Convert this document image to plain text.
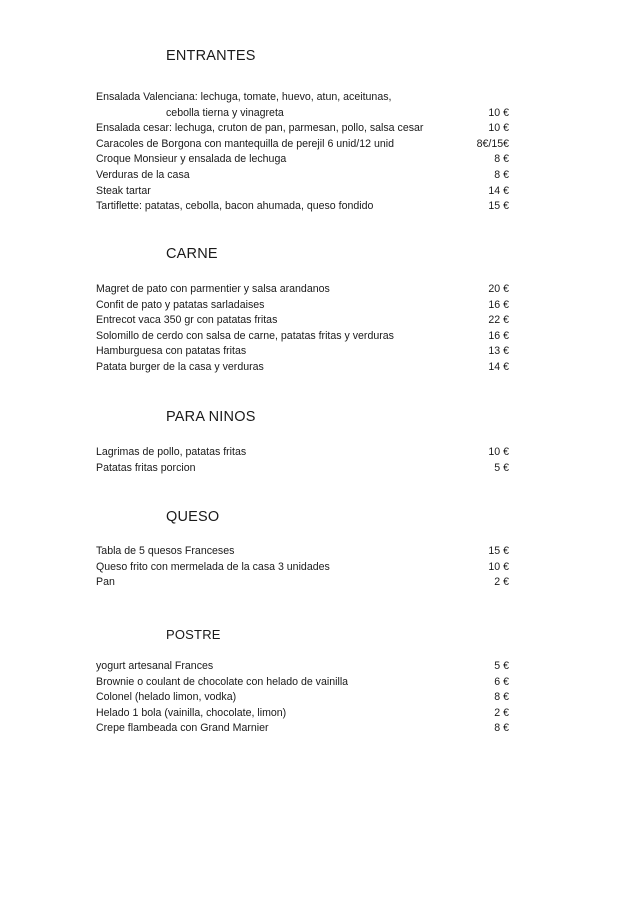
ENTRANTES
Ensalada Valenciana: lechuga, tomate, huevo, atun, aceitunas,
cebolla tierna y vinagreta	10 €
Ensalada cesar: lechuga, cruton de pan, parmesan, pollo, salsa cesar	10 €
Caracoles de Borgona con mantequilla de perejil 6 unid/12 unid	8€/15€
Croque Monsieur y ensalada de lechuga	8 €
Verduras de la casa	8 €
Steak tartar	14 €
Tartiflette: patatas, cebolla, bacon ahumada, queso fondido	15 €
CARNE
Magret de pato con parmentier y salsa arandanos	20 €
Confit de pato y patatas sarladaises	16 €
Entrecot vaca 350 gr con patatas fritas	22 €
Solomillo de cerdo con salsa de carne, patatas fritas y verduras	16 €
Hamburguesa con patatas fritas	13 €
Patata burger de la casa y verduras	14 €
PARA NINOS
Lagrimas de pollo, patatas fritas	10 €
Patatas fritas porcion	5 €
QUESO
Tabla de 5 quesos Franceses	15 €
Queso frito con mermelada de la casa 3 unidades	10 €
Pan	2 €
POSTRE
yogurt artesanal Frances	5 €
Brownie o coulant de chocolate con helado de vainilla	6 €
Colonel (helado limon, vodka)	8 €
Helado 1 bola (vainilla, chocolate, limon)	2 €
Crepe flambeada con Grand Marnier	8 €
